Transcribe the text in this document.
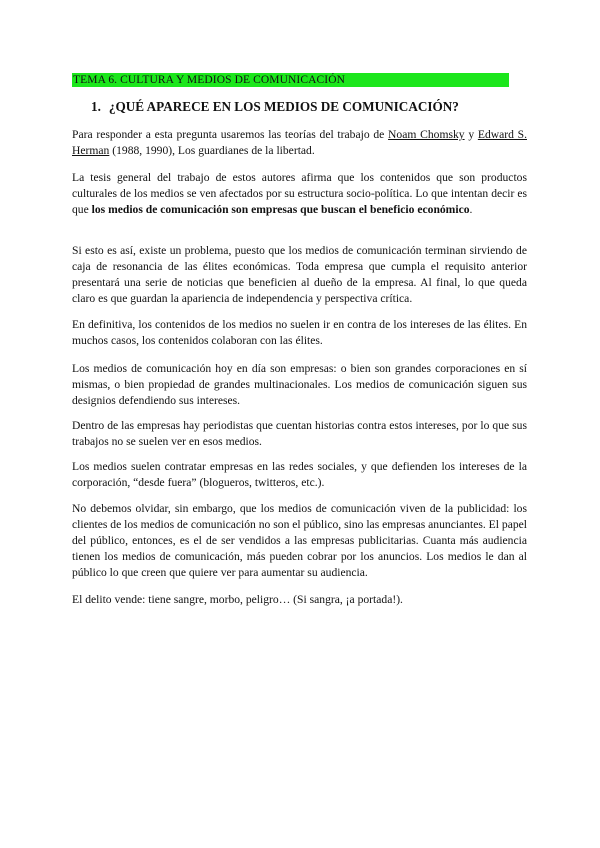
TEMA 6. CULTURA Y MEDIOS DE COMUNICACIÓN
1. ¿QUÉ APARECE EN LOS MEDIOS DE COMUNICACIÓN?

Para responder a esta pregunta usaremos las teorías del trabajo de Noam Chomsky y Edward S. Herman (1988, 1990), Los guardianes de la libertad.

La tesis general del trabajo de estos autores afirma que los contenidos que son productos culturales de los medios se ven afectados por su estructura socio-política. Lo que intentan decir es que los medios de comunicación son empresas que buscan el beneficio económico.

Si esto es así, existe un problema, puesto que los medios de comunicación terminan sirviendo de caja de resonancia de las élites económicas. Toda empresa que cumpla el requisito anterior presentará una serie de noticias que beneficien al dueño de la empresa. Al final, lo que queda claro es que guardan la apariencia de independencia y perspectiva crítica.

En definitiva, los contenidos de los medios no suelen ir en contra de los intereses de las élites. En muchos casos, los contenidos colaboran con las élites.

Los medios de comunicación hoy en día son empresas: o bien son grandes corporaciones en sí mismas, o bien propiedad de grandes multinacionales. Los medios de comunicación siguen sus designios defendiendo sus intereses.

Dentro de las empresas hay periodistas que cuentan historias contra estos intereses, por lo que sus trabajos no se suelen ver en esos medios.

Los medios suelen contratar empresas en las redes sociales, y que defienden los intereses de la corporación, “desde fuera” (blogueros, twitteros, etc.).

No debemos olvidar, sin embargo, que los medios de comunicación viven de la publicidad: los clientes de los medios de comunicación no son el público, sino las empresas anunciantes. El papel del público, entonces, es el de ser vendidos a las empresas publicitarias. Cuanta más audiencia tienen los medios de comunicación, más pueden cobrar por los anuncios. Los medios le dan al público lo que creen que quiere ver para aumentar su audiencia.

El delito vende: tiene sangre, morbo, peligro… (Si sangra, ¡a portada!).
